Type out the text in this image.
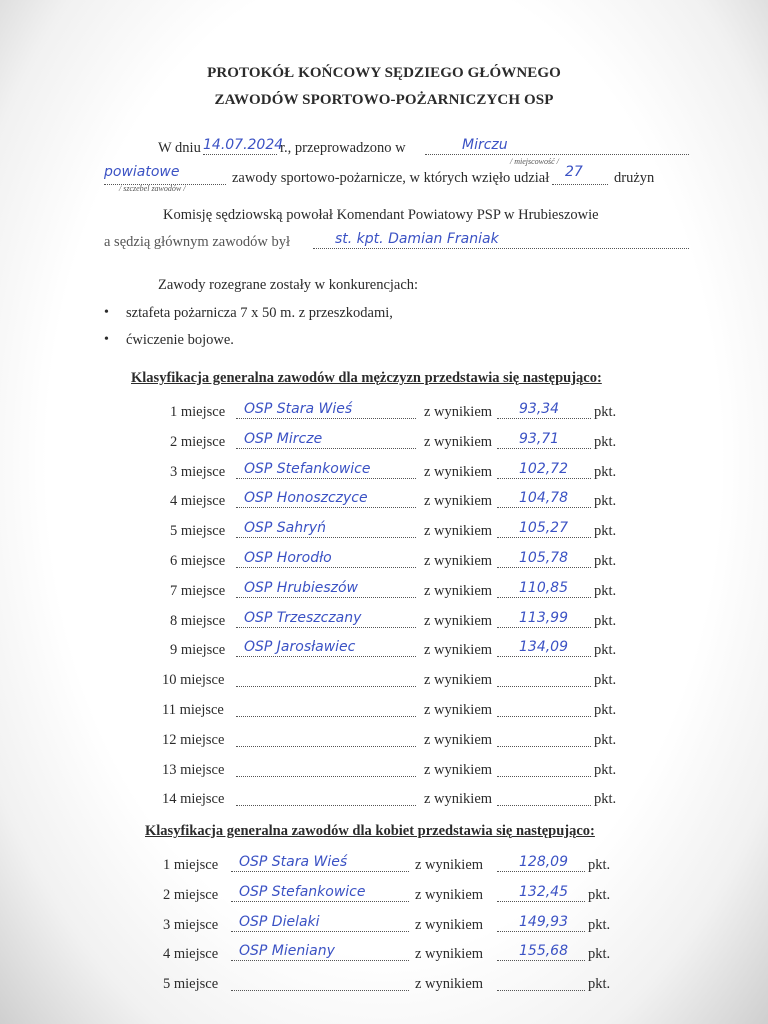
PROTOKÓŁ KOŃCOWY SĘDZIEGO GŁÓWNEGO
ZAWODÓW SPORTOWO-POŻARNICZYCH OSP
W dniu 14.07.2024
r., przeprowadzono w	Mirczu
/ miejscowość /
powiatowe	zawody sportowo-pożarnicze, w których wzięło udział 27 drużyn
/ szczebel zawodów /
Komisję sędziowską powołał Komendant Powiatowy PSP w Hrubieszowie
a sędzią głównym zawodów był	st. kpt. Damian Franiak
Zawody rozegrane zostały w konkurencjach:
• sztafeta pożarnicza 7 x 50 m. z przeszkodami,
• ćwiczenie bojowe.
Klasyfikacja generalna zawodów dla mężczyzn przedstawia się następująco:
1 miejsce OSP Stara Wieś	z wynikiem 93,34 pkt.
2 miejsce OSP Mircze	z wynikiem 93,71 pkt.
3 miejsce OSP Stefankowice	z wynikiem 102,72 pkt.
4 miejsce OSP Honoszczyce	z wynikiem 104,78 pkt.
5 miejsce OSP Sahryń	z wynikiem 105,27 pkt.
6 miejsce OSP Horodło	z wynikiem 105,78 pkt.
7 miejsce OSP Hrubieszów	z wynikiem 110,85 pkt.
8 miejsce OSP Trzeszczany	z wynikiem 113,99 pkt.
9 miejsce OSP Jarosławiec	z wynikiem 134,09 pkt.
10 miejsce	z wynikiem	pkt.
11 miejsce	z wynikiem	pkt.
12 miejsce	z wynikiem	pkt.
13 miejsce	z wynikiem	pkt.
14 miejsce	z wynikiem	pkt.
Klasyfikacja generalna zawodów dla kobiet przedstawia się następująco:
1 miejsce OSP Stara Wieś	z wynikiem	128,09 pkt.
2 miejsce OSP Stefankowice	z wynikiem	132,45 pkt.
3 miejsce OSP Dielaki	z wynikiem	149,93 pkt.
4 miejsce OSP Mieniany	z wynikiem	155,68 pkt.
5 miejsce	z wynikiem	pkt.
